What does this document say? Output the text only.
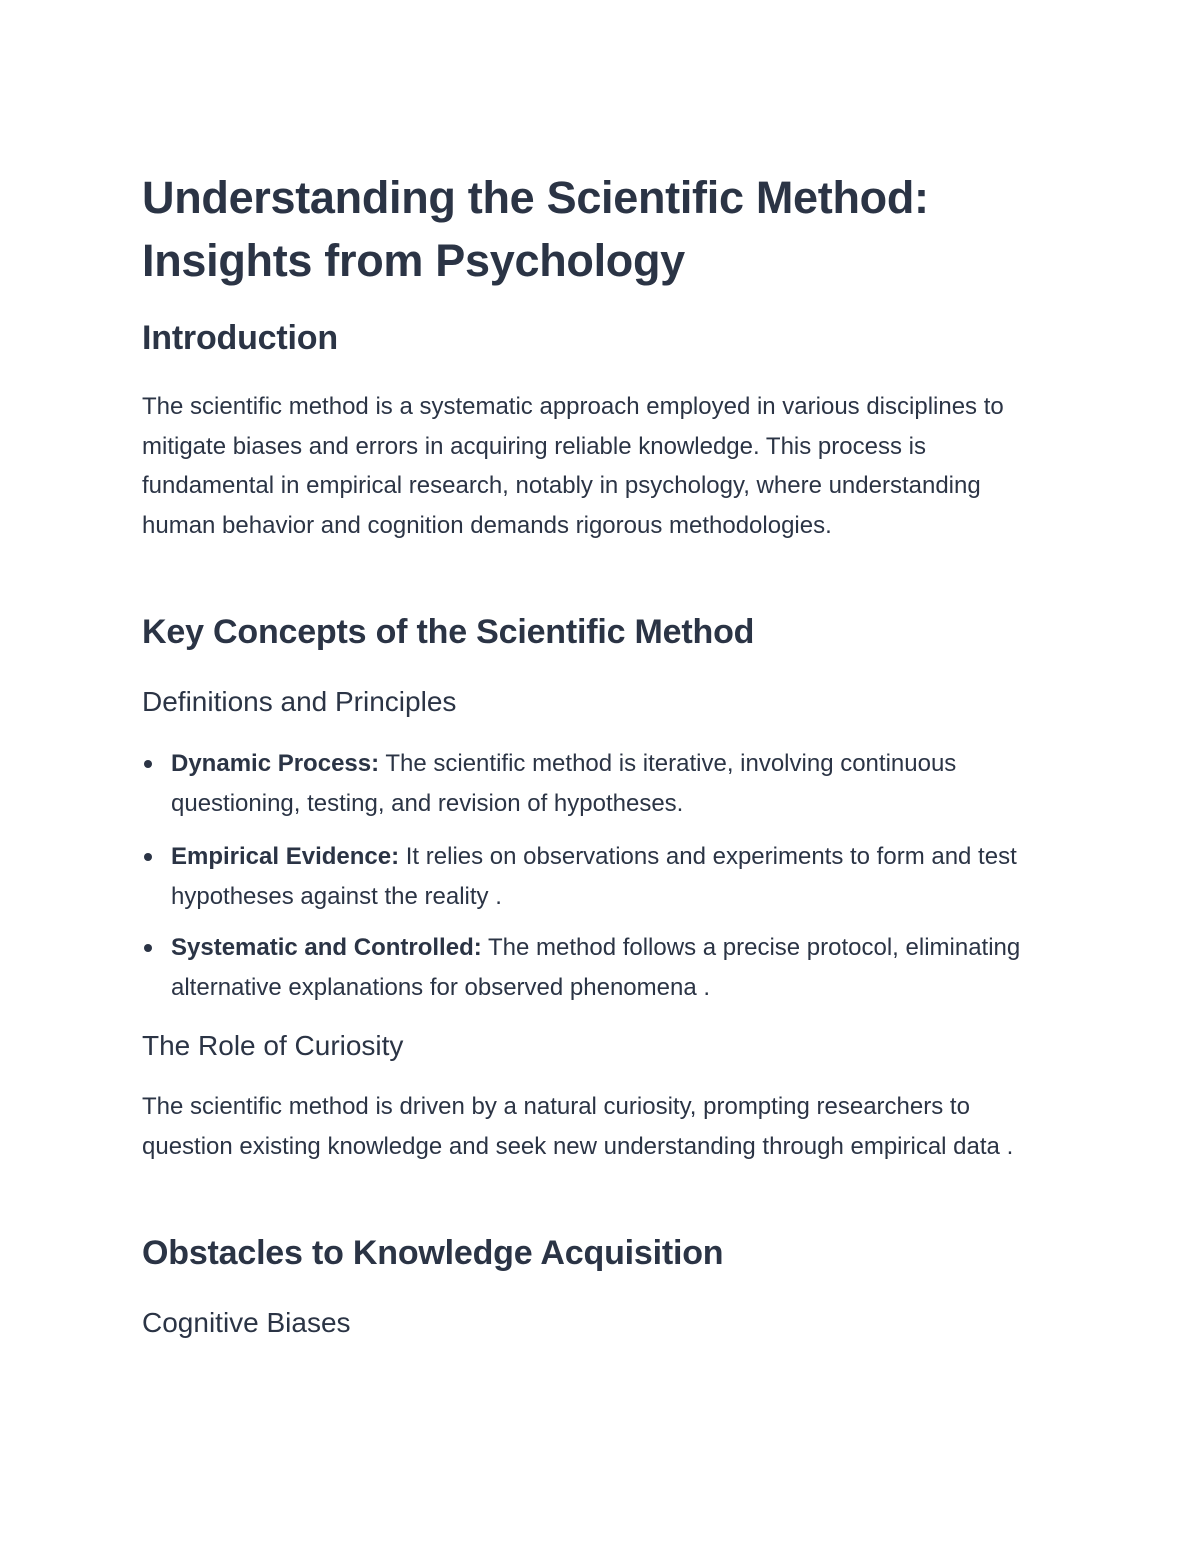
Understanding the Scientific Method: Insights from Psychology
Introduction

The scientific method is a systematic approach employed in various disciplines to mitigate biases and errors in acquiring reliable knowledge. This process is fundamental in empirical research, notably in psychology, where understanding human behavior and cognition demands rigorous methodologies.

Key Concepts of the Scientific Method
Definitions and Principles
Dynamic Process: The scientific method is iterative, involving continuous questioning, testing, and revision of hypotheses.
Empirical Evidence: It relies on observations and experiments to form and test hypotheses against the reality .
Systematic and Controlled: The method follows a precise protocol, eliminating alternative explanations for observed phenomena .
The Role of Curiosity

The scientific method is driven by a natural curiosity, prompting researchers to question existing knowledge and seek new understanding through empirical data .

Obstacles to Knowledge Acquisition
Cognitive Biases
